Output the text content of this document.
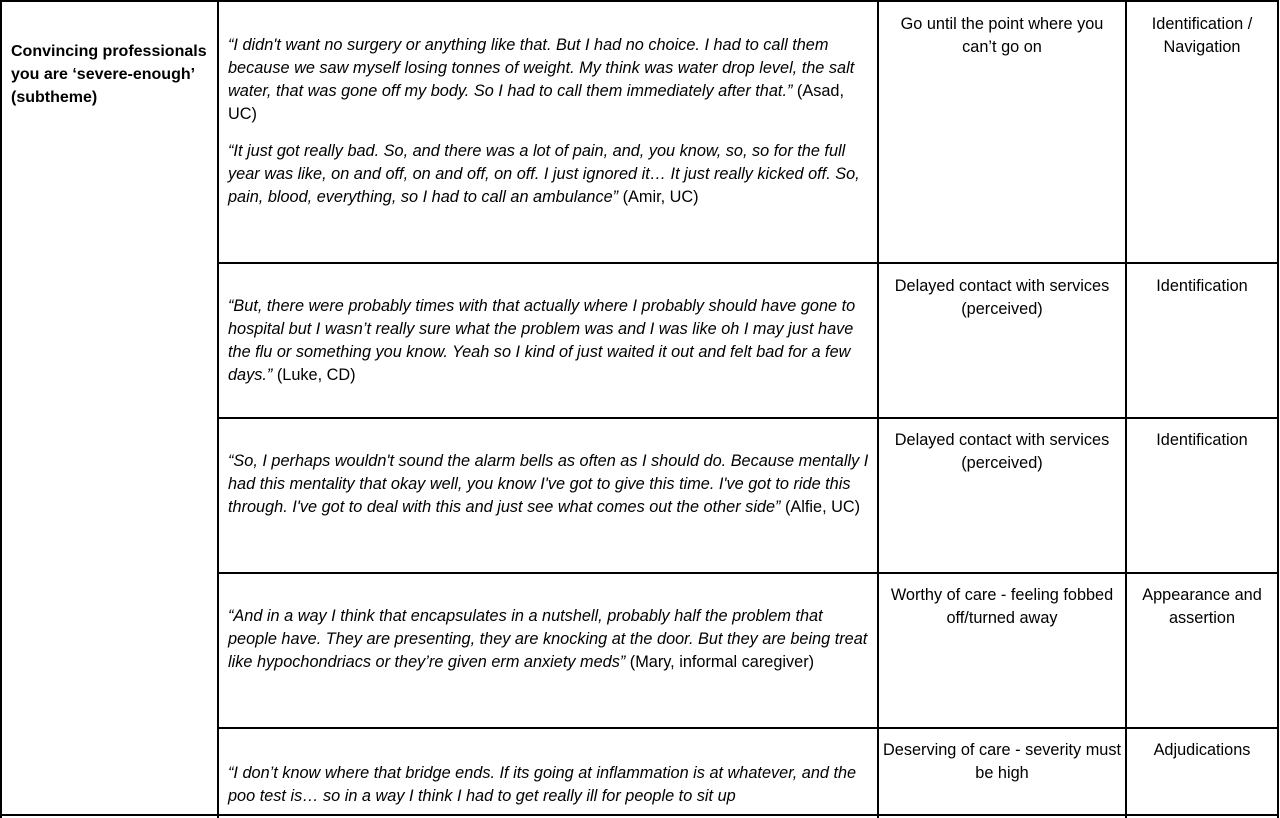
Convincing professionals you are ‘severe-enough’ (subtheme)

“I didn't want no surgery or anything like that. But I had no choice. I had to call them because we saw myself losing tonnes of weight. My think was water drop level, the salt water, that was gone off my body. So I had to call them immediately after that.” (Asad, UC)

“It just got really bad. So, and there was a lot of pain, and, you know, so, so for the full year was like, on and off, on and off, on off. I just ignored it… It just really kicked off. So, pain, blood, everything, so I had to call an ambulance” (Amir, UC)

Go until the point where you can’t go on
Identification / Navigation

“But, there were probably times with that actually where I probably should have gone to hospital but I wasn’t really sure what the problem was and I was like oh I may just have the flu or something you know. Yeah so I kind of just waited it out and felt bad for a few days.” (Luke, CD)

Delayed contact with services (perceived)
Identification

“So, I perhaps wouldn't sound the alarm bells as often as I should do. Because mentally I had this mentality that okay well, you know I've got to give this time. I've got to ride this through. I've got to deal with this and just see what comes out the other side” (Alfie, UC)

Delayed contact with services (perceived)
Identification

“And in a way I think that encapsulates in a nutshell, probably half the problem that people have. They are presenting, they are knocking at the door. But they are being treat like hypochondriacs or they’re given erm anxiety meds” (Mary, informal caregiver)

Worthy of care - feeling fobbed off/turned away
Appearance and assertion

“I don’t know where that bridge ends. If its going at inflammation is at whatever, and the poo test is… so in a way I think I had to get really ill for people to sit up

Deserving of care - severity must be high
Adjudications
